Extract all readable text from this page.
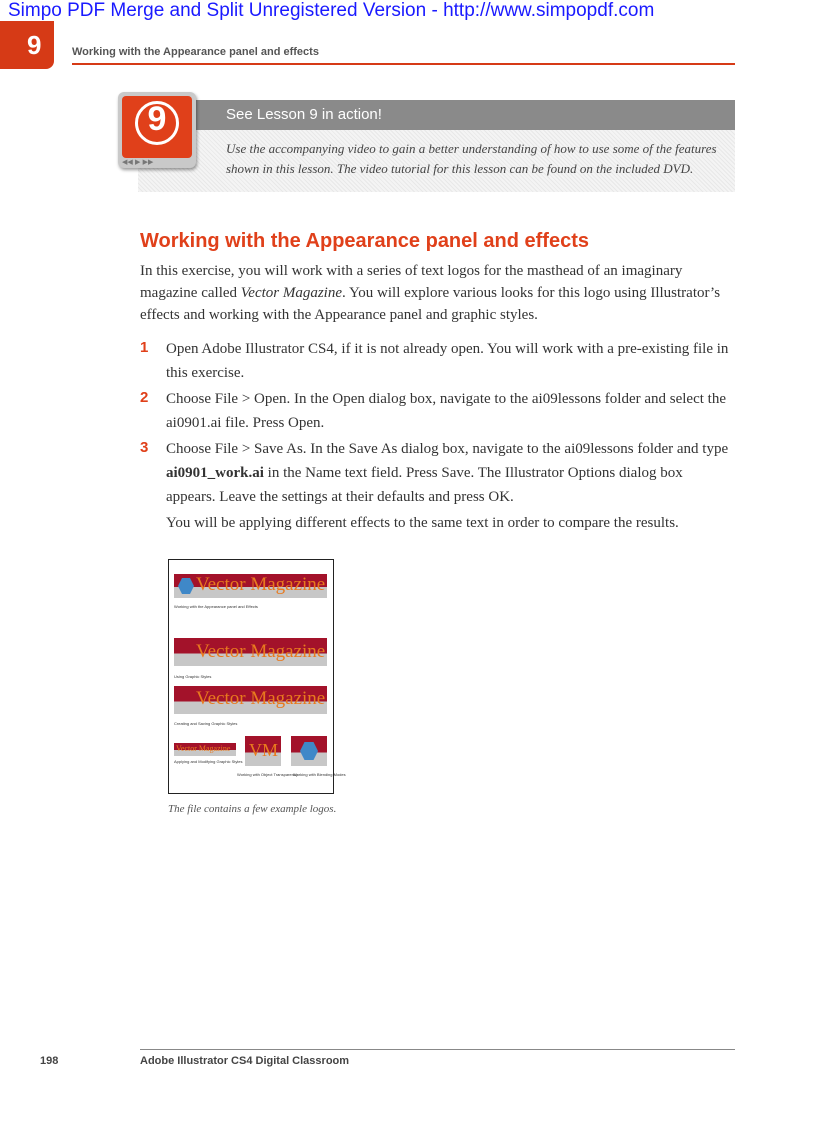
Simpo PDF Merge and Split Unregistered Version - http://www.simpopdf.com
9	Working with the Appearance panel and effects
See Lesson 9 in action!
Use the accompanying video to gain a better understanding of how to use some of the features shown in this lesson. The video tutorial for this lesson can be found on the included DVD.
9
◀◀ ▶ ▶▶
Working with the Appearance panel and effects
In this exercise, you will work with a series of text logos for the masthead of an imaginary magazine called Vector Magazine. You will explore various looks for this logo using Illustrator’s effects and working with the Appearance panel and graphic styles.
1 Open Adobe Illustrator CS4, if it is not already open. You will work with a pre-existing file in this exercise.
2 Choose File > Open. In the Open dialog box, navigate to the ai09lessons folder and select the ai0901.ai file. Press Open.
3 Choose File > Save As. In the Save As dialog box, navigate to the ai09lessons folder and type ai0901_work.ai in the Name text field. Press Save. The Illustrator Options dialog box appears. Leave the settings at their defaults and press OK.
You will be applying different effects to the same text in order to compare the results.
Vector Magazine
Working with the Appearance panel and Effects
Vector Magazine
Using Graphic Styles
Vector Magazine
Creating and Saving Graphic Styles
Vector Magazine
Applying and Modifying Graphic Styles
VM
Working with Object Transparency
Working with Blending Modes
The file contains a few example logos.
198	Adobe Illustrator CS4 Digital Classroom
